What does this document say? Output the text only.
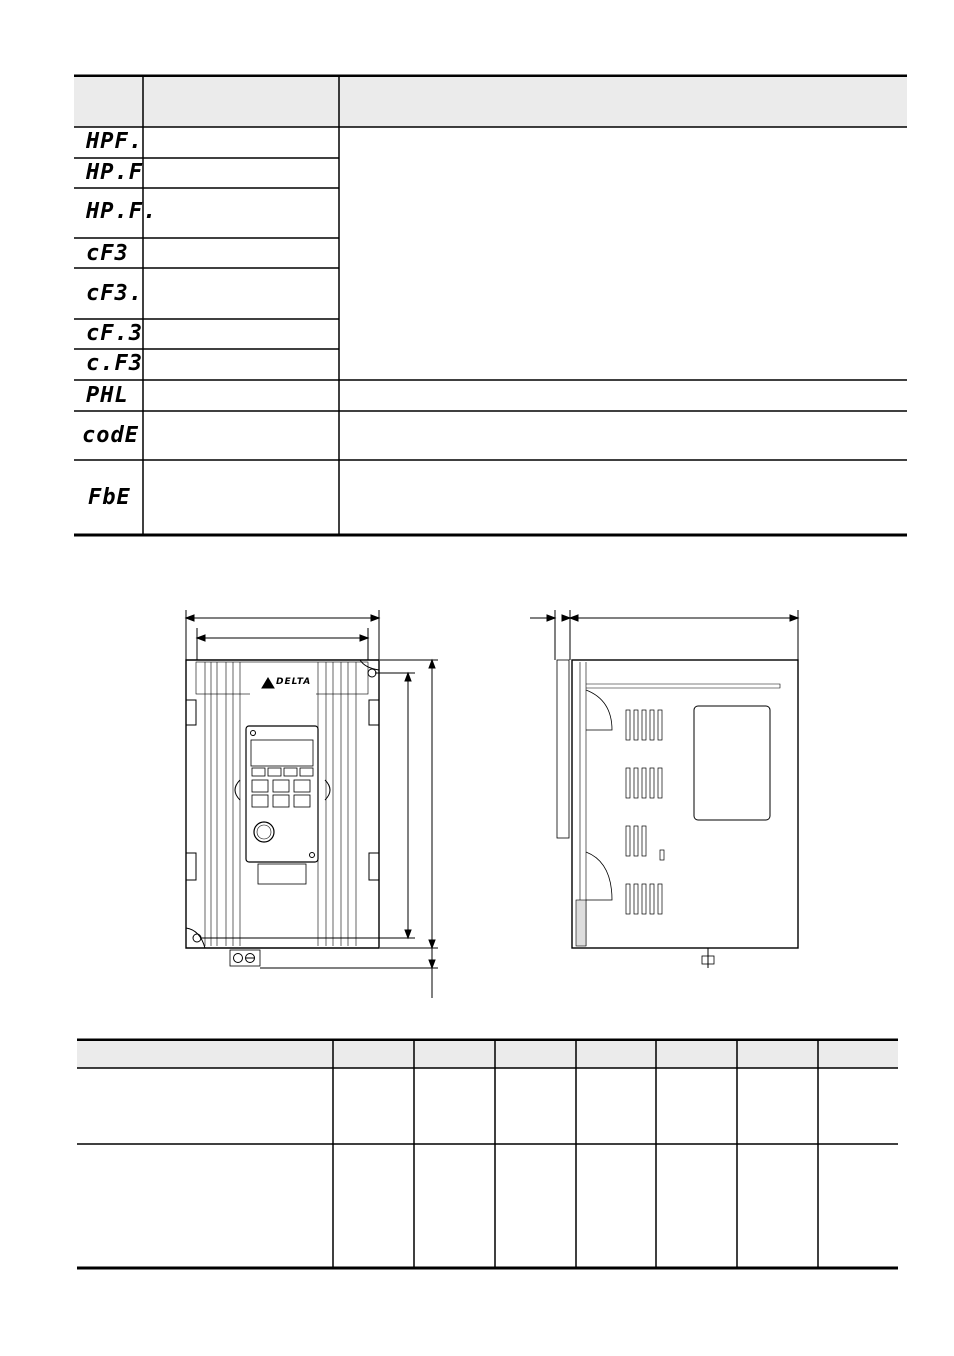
HPF.
HP.F
HP.F.
cF3
cF3.
cF.3
c.F3
PHL
codE
FbE
DELTA
